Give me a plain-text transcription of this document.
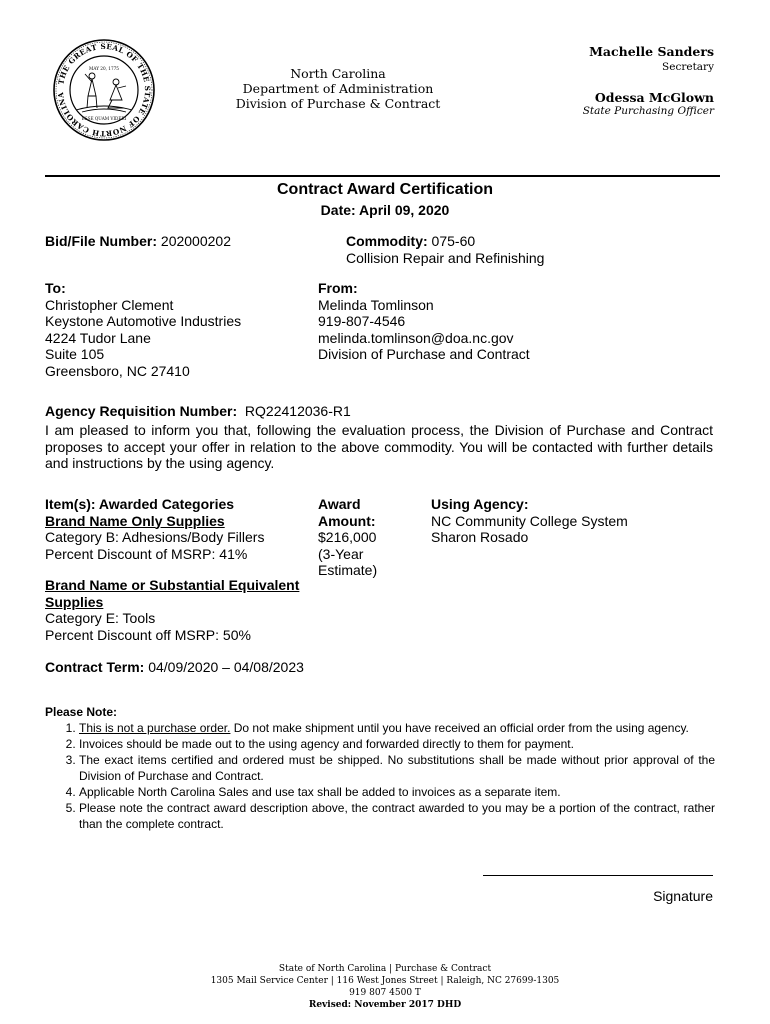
THE GREAT SEAL OF THE STATE OF NORTH CAROLINA
MAY 20, 1775
ESSE QUAM VIDERI
North Carolina
Department of Administration
Division of Purchase & Contract
Machelle Sanders
Secretary
Odessa McGlown
State Purchasing Officer
Contract Award Certification
Date: April 09, 2020
Bid/File Number: 202000202	Commodity: 075-60
Collision Repair and Refinishing
To:
Christopher Clement
Keystone Automotive Industries
4224 Tudor Lane
Suite 105
Greensboro, NC 27410
From:
Melinda Tomlinson
919-807-4546
melinda.tomlinson@doa.nc.gov
Division of Purchase and Contract
Agency Requisition Number:  RQ22412036-R1
I am pleased to inform you that, following the evaluation process, the Division of Purchase and Contract proposes to accept your offer in relation to the above commodity. You will be contacted with further details and instructions by the using agency.
Item(s): Awarded Categories
Brand Name Only Supplies
Category B: Adhesions/Body Fillers
Percent Discount of MSRP: 41%
Brand Name or Substantial Equivalent
Supplies
Category E: Tools
Percent Discount off MSRP: 50%
Award
Amount:
$216,000
(3-Year
Estimate)
Using Agency:
NC Community College System
Sharon Rosado
Contract Term: 04/09/2020 – 04/08/2023
Please Note:
1. This is not a purchase order. Do not make shipment until you have received an official order from the using agency.
2. Invoices should be made out to the using agency and forwarded directly to them for payment.
3. The exact items certified and ordered must be shipped. No substitutions shall be made without prior approval of the Division of Purchase and Contract.
4. Applicable North Carolina Sales and use tax shall be added to invoices as a separate item.
5. Please note the contract award description above, the contract awarded to you may be a portion of the contract, rather than the complete contract.
Signature
State of North Carolina | Purchase & Contract
1305 Mail Service Center | 116 West Jones Street | Raleigh, NC 27699-1305
919 807 4500 T
Revised: November 2017 DHD
